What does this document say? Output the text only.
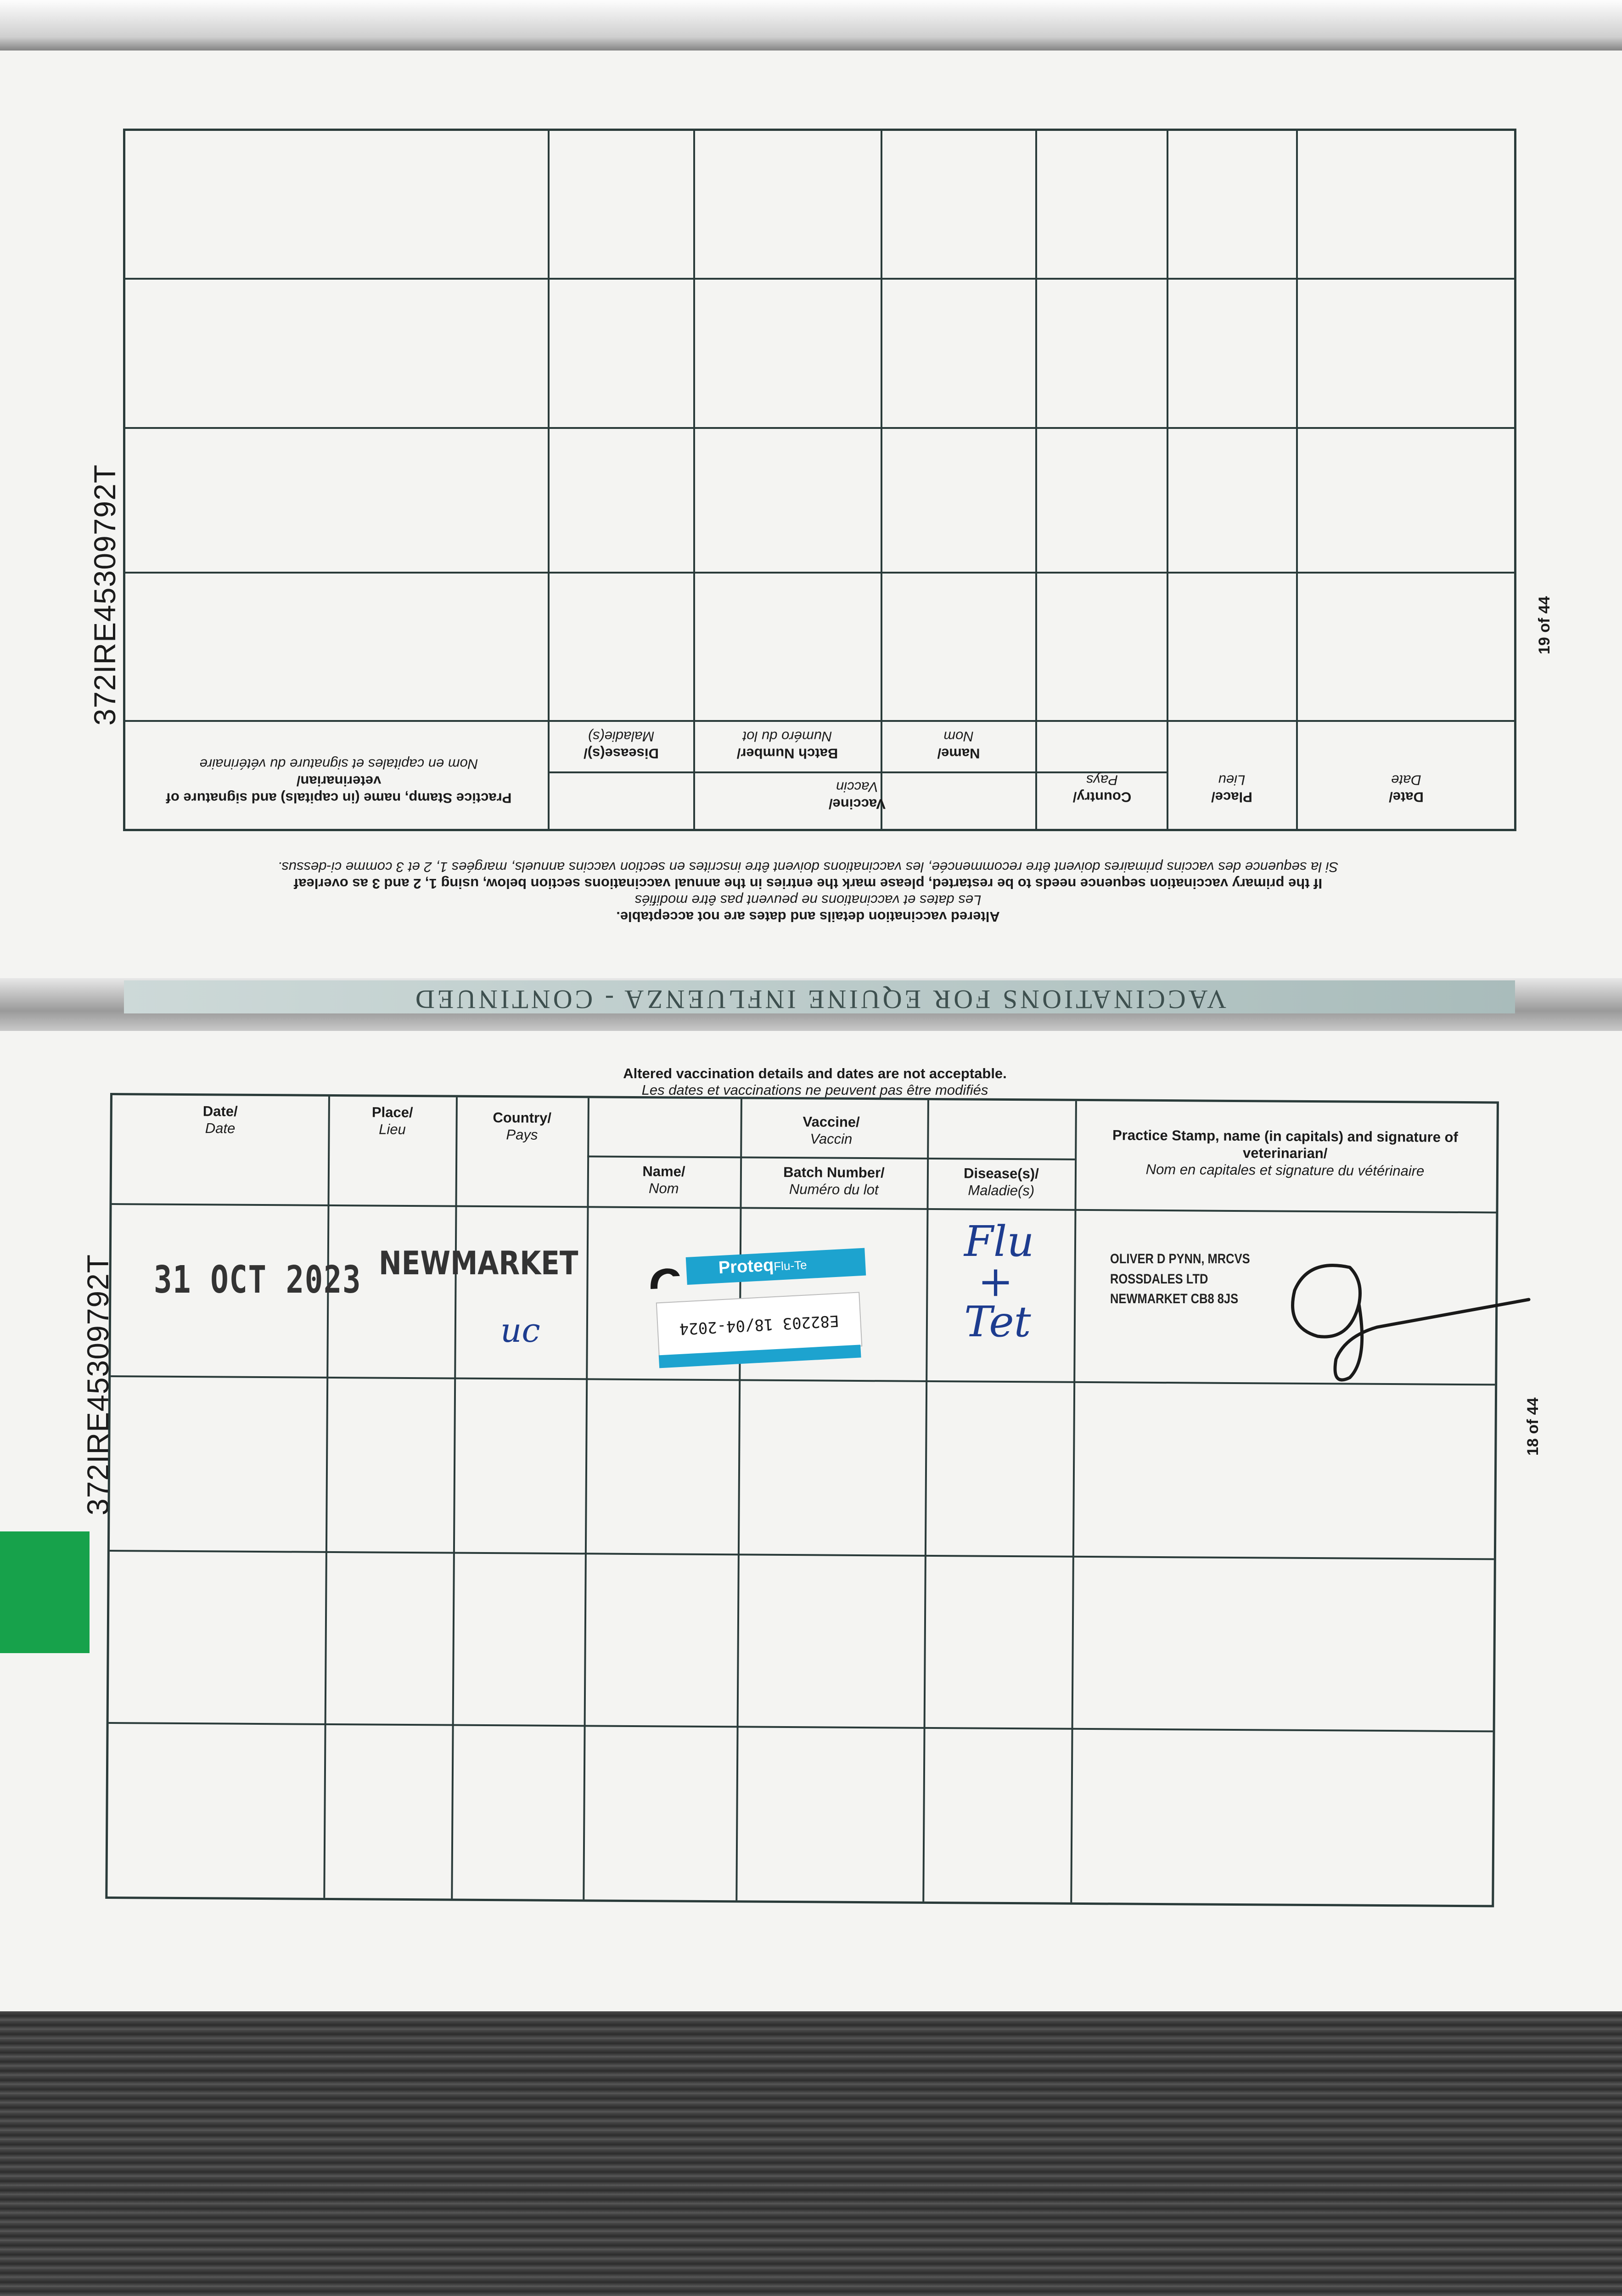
372IRE45309792T	19 of 44
Date/
Date
Place/
Lieu
Country/
Pays
Vaccine/
Vaccin
Name/
Nom
Batch Number/
Numéro du lot
Disease(s)/
Maladie(s)
Practice Stamp, name (in capitals) and signature of veterinarian/
Nom en capitales et signature du vétérinaire
Altered vaccination details and dates are not acceptable.
Les dates et vaccinations ne peuvent pas être modifiés
If the primary vaccination sequence needs to be restarted, please mark the entries in the annual vaccinations section below, using 1, 2 and 3 as overleaf
Si la sequence des vaccins primaires doivent être recommencée, les vaccinations doivent être inscrites en section vaccins annuels, margées 1, 2 et 3 comme ci-dessus.
VACCINATIONS FOR EQUINE INFLUENZA - CONTINUED
372IRE45309792T	18 of 44
Altered vaccination details and dates are not acceptable.
Les dates et vaccinations ne peuvent pas être modifiés
Date/
Date
Place/
Lieu
Country/
Pays
Vaccine/
Vaccin
Name/
Nom
Batch Number/
Numéro du lot
Disease(s)/
Maladie(s)
Practice Stamp, name (in capitals) and signature of veterinarian/
Nom en capitales et signature du vétérinaire
31 OCT 2023 NEWMARKET
uc
ProteqFlu-Te
E82203 18/04-2024
Flu
+
Tet
OLIVER D PYNN, MRCVS
ROSSDALES LTD
NEWMARKET CB8 8JS
